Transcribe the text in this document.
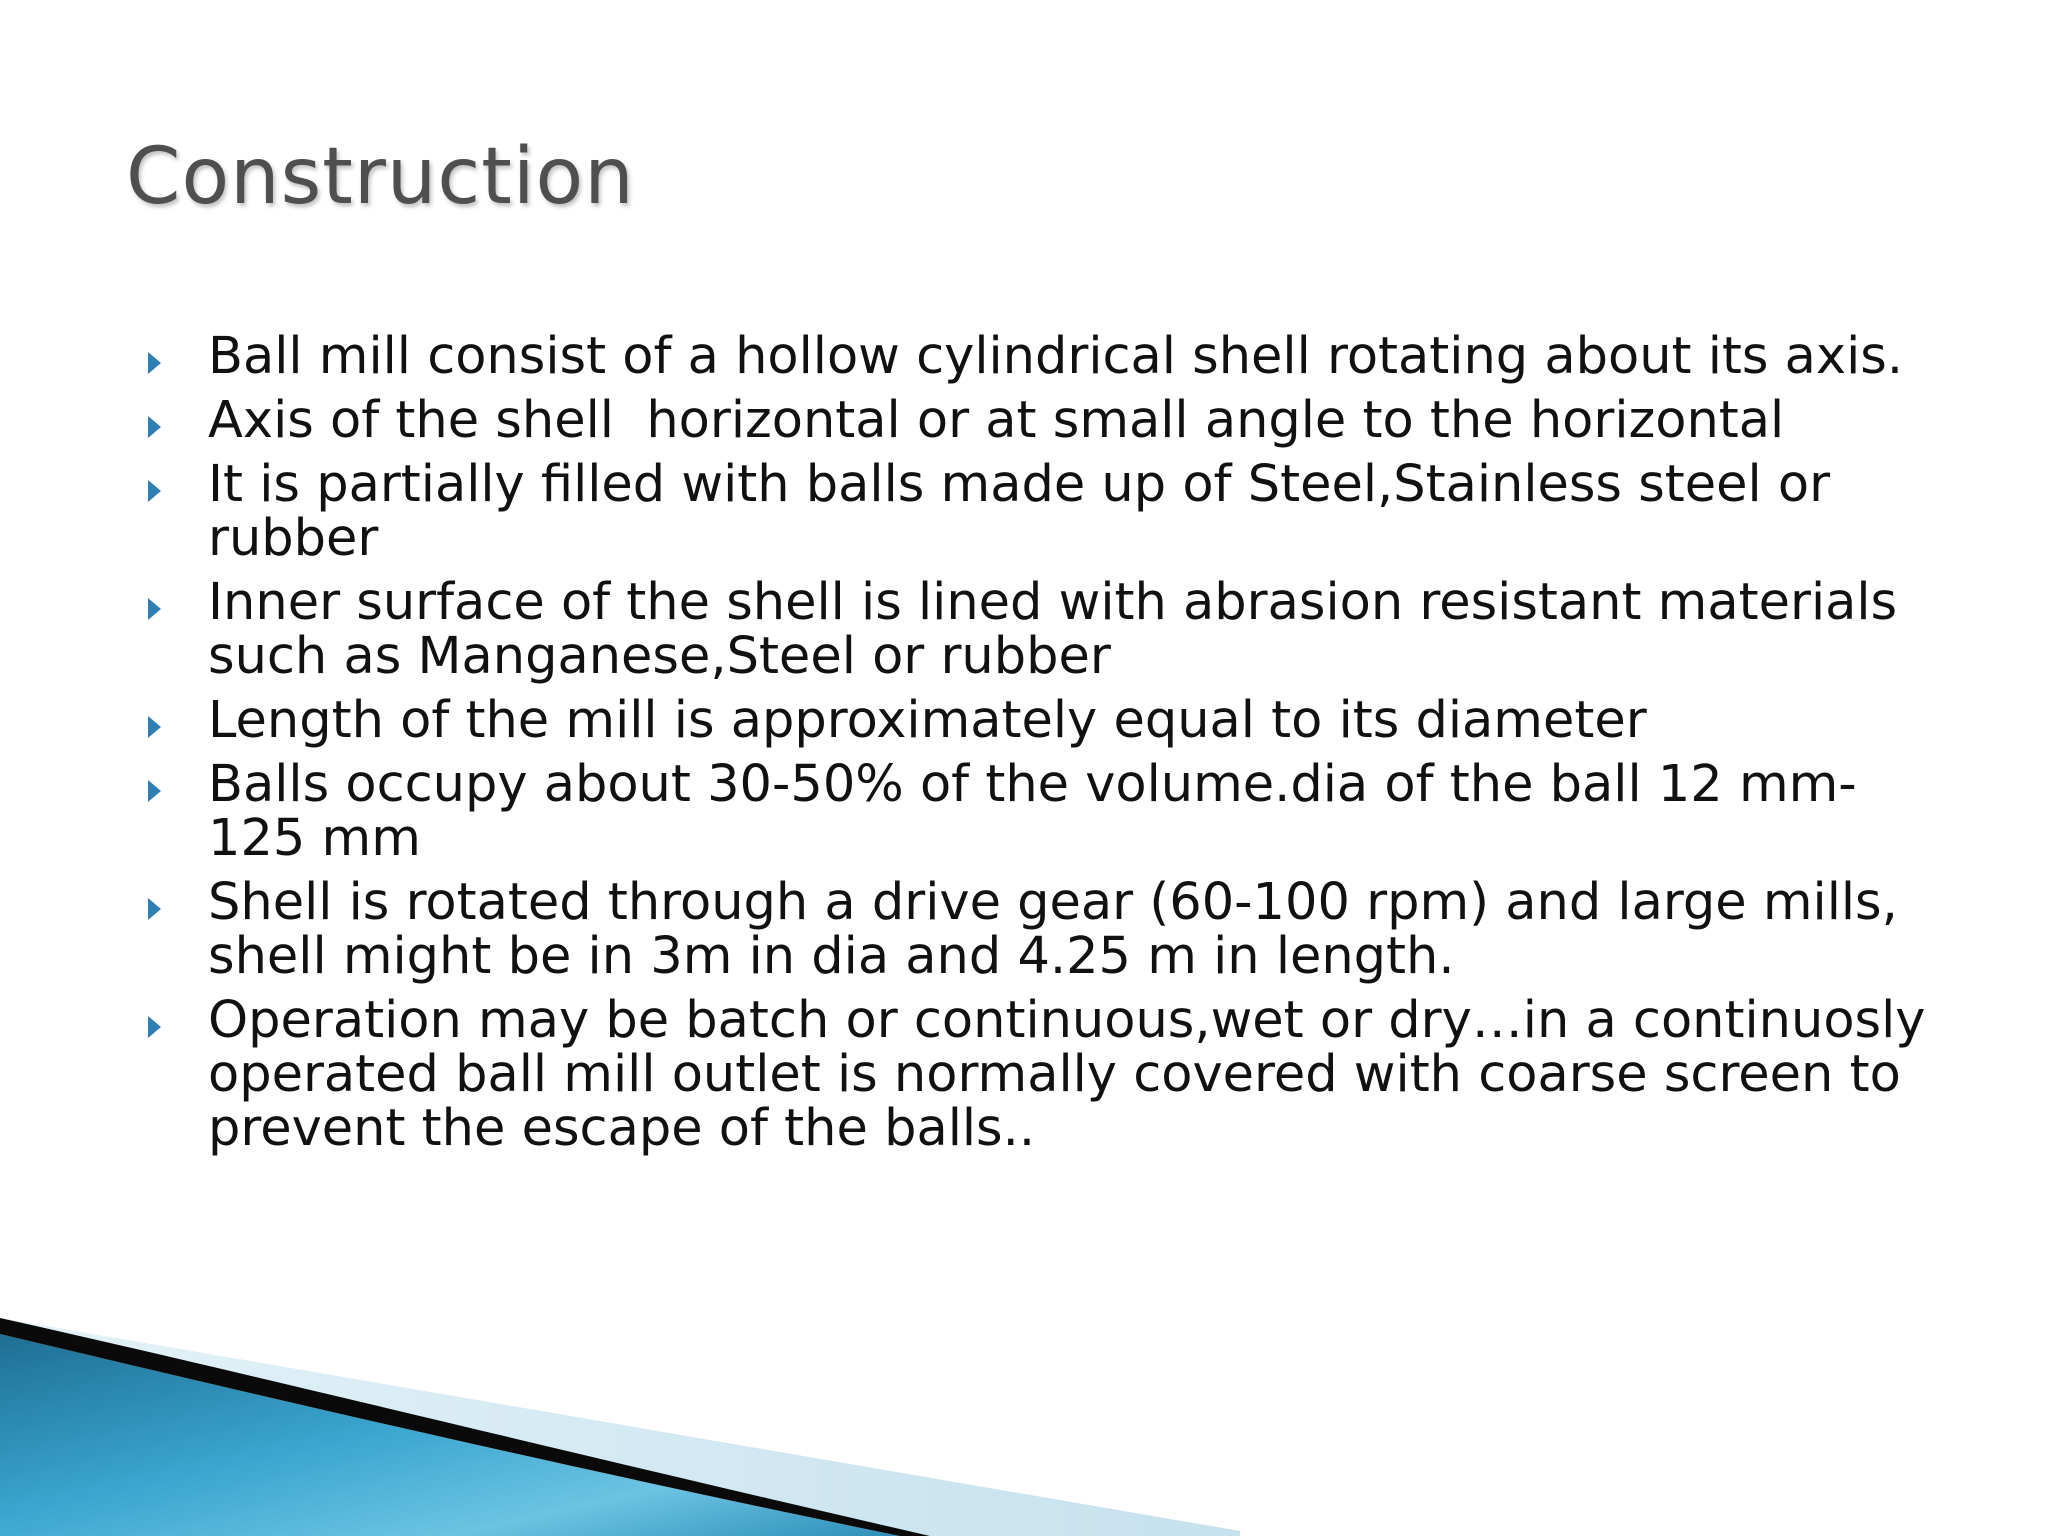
Construction
Ball mill consist of a hollow cylindrical shell rotating about its axis.
Axis of the shell  horizontal or at small angle to the horizontal
It is partially filled with balls made up of Steel,Stainless steel or rubber
Inner surface of the shell is lined with abrasion resistant materials such as Manganese,Steel or rubber
Length of the mill is approximately equal to its diameter
Balls occupy about 30-50% of the volume.dia of the ball 12 mm-125 mm
Shell is rotated through a drive gear (60-100 rpm) and large mills, shell might be in 3m in dia and 4.25 m in length.
Operation may be batch or continuous,wet or dry…in a continuosly operated ball mill outlet is normally covered with coarse screen to prevent the escape of the balls..
